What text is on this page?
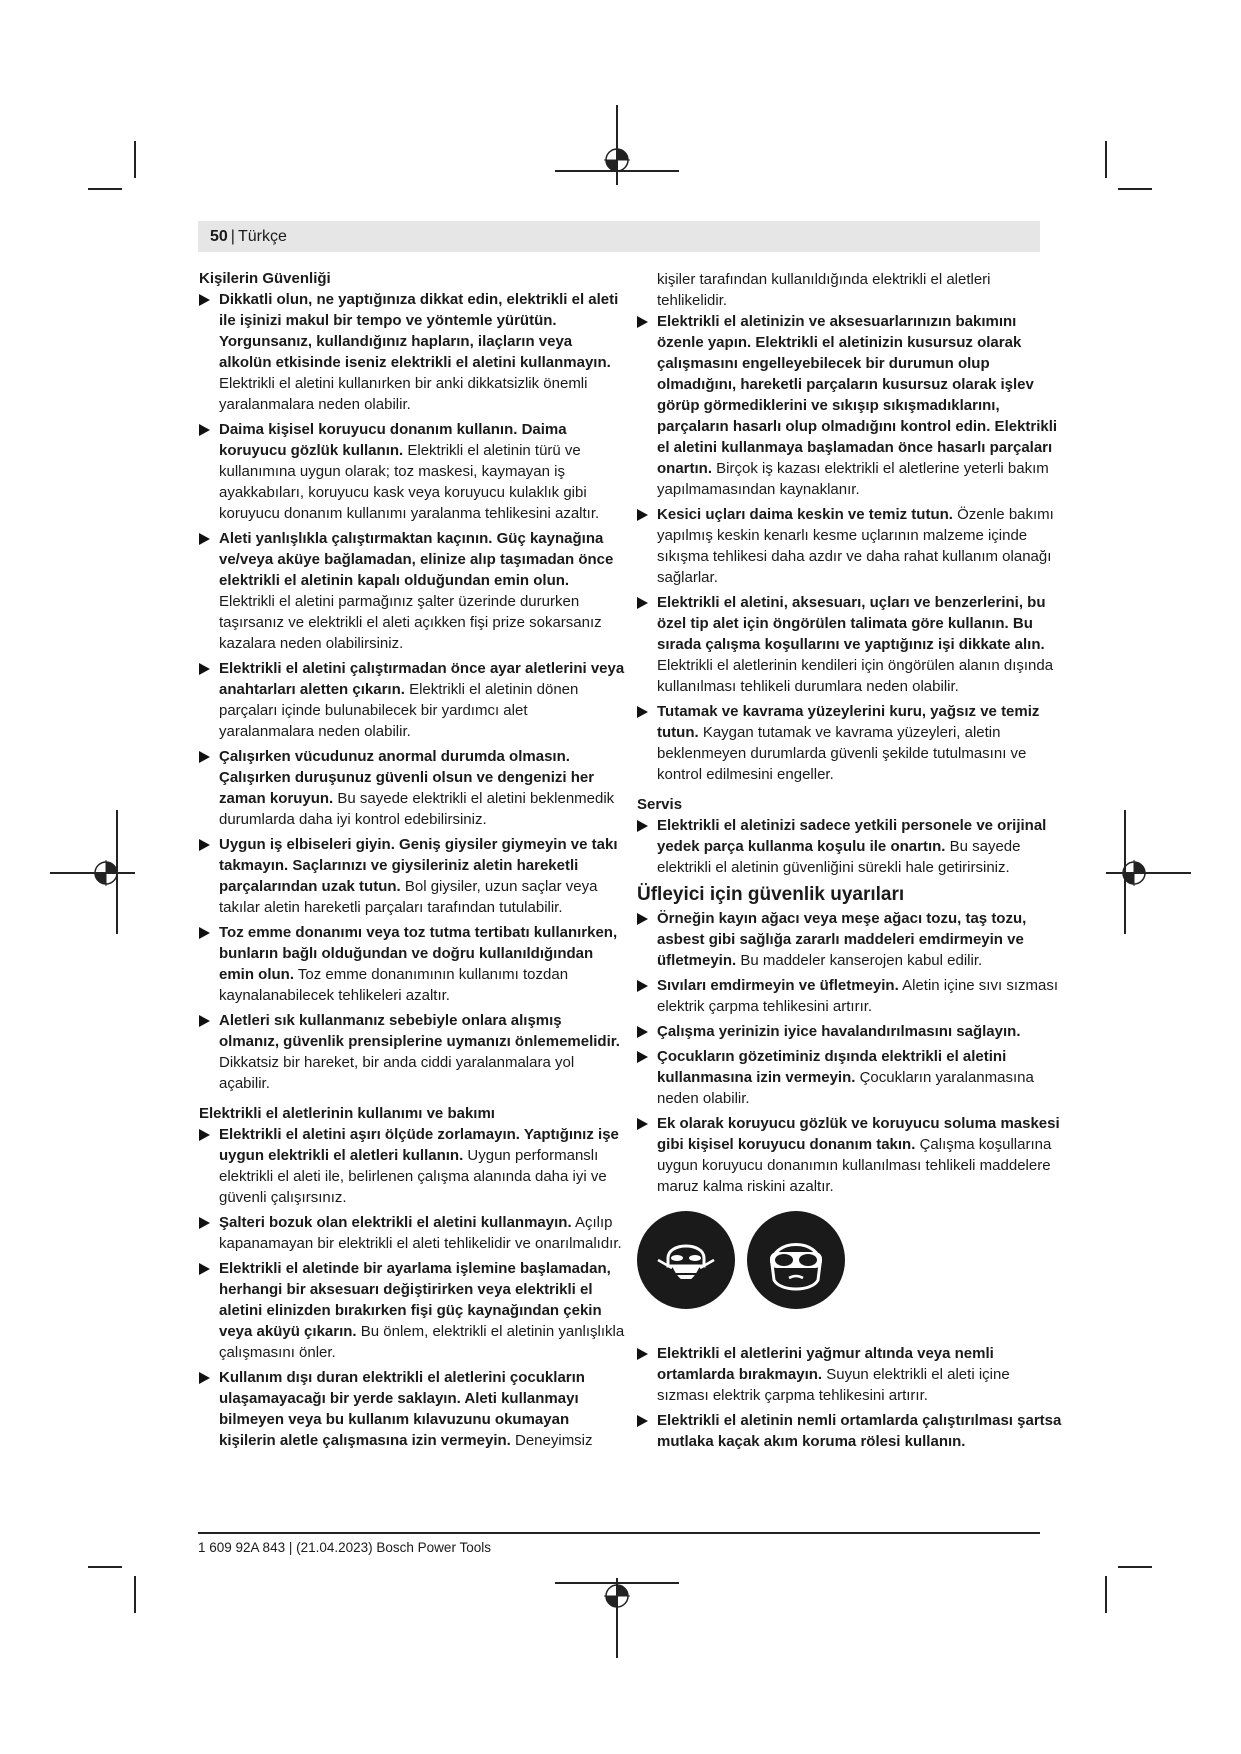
50 | Türkçe

Kişilerin Güvenliği

Dikkatli olun, ne yaptığınıza dikkat edin, elektrikli el aleti ile işinizi makul bir tempo ve yöntemle yürütün. Yorgunsanız, kullandığınız hapların, ilaçların veya alkolün etkisinde iseniz elektrikli el aletini kullanmayın. Elektrikli el aletini kullanırken bir anki dikkatsizlik önemli yaralanmalara neden olabilir.
Daima kişisel koruyucu donanım kullanın. Daima koruyucu gözlük kullanın. Elektrikli el aletinin türü ve kullanımına uygun olarak; toz maskesi, kaymayan iş ayakkabıları, koruyucu kask veya koruyucu kulaklık gibi koruyucu donanım kullanımı yaralanma tehlikesini azaltır.
Aleti yanlışlıkla çalıştırmaktan kaçının. Güç kaynağına ve/veya aküye bağlamadan, elinize alıp taşımadan önce elektrikli el aletinin kapalı olduğundan emin olun. Elektrikli el aletini parmağınız şalter üzerinde dururken taşırsanız ve elektrikli el aleti açıkken fişi prize sokarsanız kazalara neden olabilirsiniz.
Elektrikli el aletini çalıştırmadan önce ayar aletlerini veya anahtarları aletten çıkarın. Elektrikli el aletinin dönen parçaları içinde bulunabilecek bir yardımcı alet yaralanmalara neden olabilir.
Çalışırken vücudunuz anormal durumda olmasın. Çalışırken duruşunuz güvenli olsun ve dengenizi her zaman koruyun. Bu sayede elektrikli el aletini beklenmedik durumlarda daha iyi kontrol edebilirsiniz.
Uygun iş elbiseleri giyin. Geniş giysiler giymeyin ve takı takmayın. Saçlarınızı ve giysileriniz aletin hareketli parçalarından uzak tutun. Bol giysiler, uzun saçlar veya takılar aletin hareketli parçaları tarafından tutulabilir.
Toz emme donanımı veya toz tutma tertibatı kullanırken, bunların bağlı olduğundan ve doğru kullanıldığından emin olun. Toz emme donanımının kullanımı tozdan kaynalanabilecek tehlikeleri azaltır.
Aletleri sık kullanmanız sebebiyle onlara alışmış olmanız, güvenlik prensiplerine uymanızı önlememelidir. Dikkatsiz bir hareket, bir anda ciddi yaralanmalara yol açabilir.

Elektrikli el aletlerinin kullanımı ve bakımı

Elektrikli el aletini aşırı ölçüde zorlamayın. Yaptığınız işe uygun elektrikli el aletleri kullanın. Uygun performanslı elektrikli el aleti ile, belirlenen çalışma alanında daha iyi ve güvenli çalışırsınız.
Şalteri bozuk olan elektrikli el aletini kullanmayın. Açılıp kapanamayan bir elektrikli el aleti tehlikelidir ve onarılmalıdır.
Elektrikli el aletinde bir ayarlama işlemine başlamadan, herhangi bir aksesuarı değiştirirken veya elektrikli el aletini elinizden bırakırken fişi güç kaynağından çekin veya aküyü çıkarın. Bu önlem, elektrikli el aletinin yanlışlıkla çalışmasını önler.
Kullanım dışı duran elektrikli el aletlerini çocukların ulaşamayacağı bir yerde saklayın. Aleti kullanmayı bilmeyen veya bu kullanım kılavuzunu okumayan kişilerin aletle çalışmasına izin vermeyin. Deneyimsiz

kişiler tarafından kullanıldığında elektrikli el aletleri tehlikelidir.

Elektrikli el aletinizin ve aksesuarlarınızın bakımını özenle yapın. Elektrikli el aletinizin kusursuz olarak çalışmasını engelleyebilecek bir durumun olup olmadığını, hareketli parçaların kusursuz olarak işlev görüp görmediklerini ve sıkışıp sıkışmadıklarını, parçaların hasarlı olup olmadığını kontrol edin. Elektrikli el aletini kullanmaya başlamadan önce hasarlı parçaları onartın. Birçok iş kazası elektrikli el aletlerine yeterli bakım yapılmamasından kaynaklanır.
Kesici uçları daima keskin ve temiz tutun. Özenle bakımı yapılmış keskin kenarlı kesme uçlarının malzeme içinde sıkışma tehlikesi daha azdır ve daha rahat kullanım olanağı sağlarlar.
Elektrikli el aletini, aksesuarı, uçları ve benzerlerini, bu özel tip alet için öngörülen talimata göre kullanın. Bu sırada çalışma koşullarını ve yaptığınız işi dikkate alın. Elektrikli el aletlerinin kendileri için öngörülen alanın dışında kullanılması tehlikeli durumlara neden olabilir.
Tutamak ve kavrama yüzeylerini kuru, yağsız ve temiz tutun. Kaygan tutamak ve kavrama yüzeyleri, aletin beklenmeyen durumlarda güvenli şekilde tutulmasını ve kontrol edilmesini engeller.

Servis

Elektrikli el aletinizi sadece yetkili personele ve orijinal yedek parça kullanma koşulu ile onartın. Bu sayede elektrikli el aletinin güvenliğini sürekli hale getirirsiniz.

Üfleyici için güvenlik uyarıları

Örneğin kayın ağacı veya meşe ağacı tozu, taş tozu, asbest gibi sağlığa zararlı maddeleri emdirmeyin ve üfletmeyin. Bu maddeler kanserojen kabul edilir.
Sıvıları emdirmeyin ve üfletmeyin. Aletin içine sıvı sızması elektrik çarpma tehlikesini artırır.
Çalışma yerinizin iyice havalandırılmasını sağlayın.
Çocukların gözetiminiz dışında elektrikli el aletini kullanmasına izin vermeyin. Çocukların yaralanmasına neden olabilir.
Ek olarak koruyucu gözlük ve koruyucu soluma maskesi gibi kişisel koruyucu donanım takın. Çalışma koşullarına uygun koruyucu donanımın kullanılması tehlikeli maddelere maruz kalma riskini azaltır.
Elektrikli el aletlerini yağmur altında veya nemli ortamlarda bırakmayın. Suyun elektrikli el aleti içine sızması elektrik çarpma tehlikesini artırır.
Elektrikli el aletinin nemli ortamlarda çalıştırılması şartsa mutlaka kaçak akım koruma rölesi kullanın.
1 609 92A 843 | (21.04.2023) Bosch Power Tools
